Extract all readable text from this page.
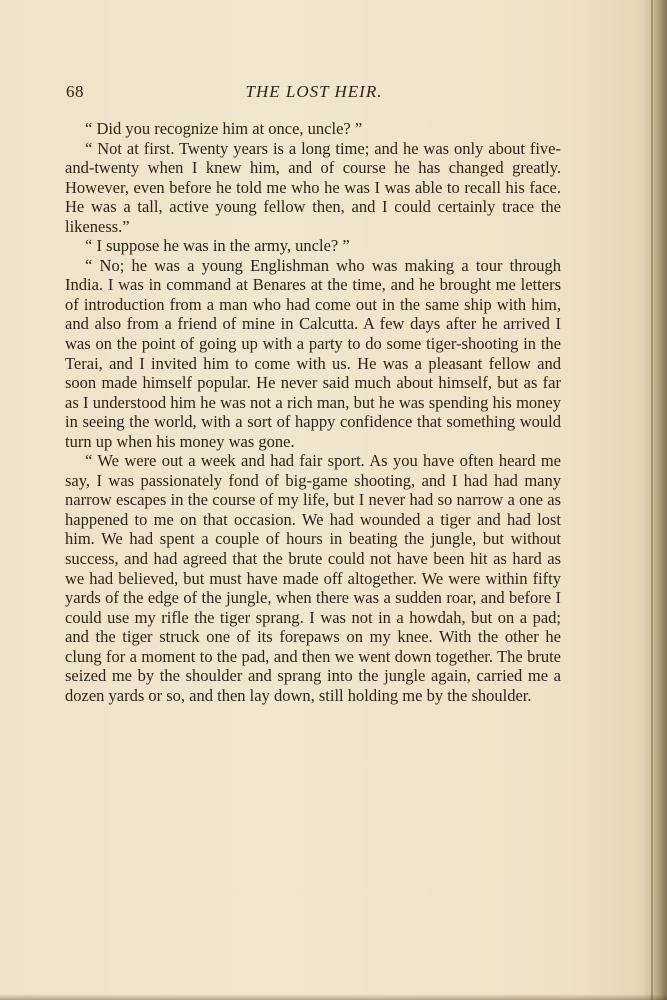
68	THE LOST HEIR.

“ Did you recognize him at once, uncle? ”

“ Not at first. Twenty years is a long time; and he was only about five-and-twenty when I knew him, and of course he has changed greatly. However, even before he told me who he was I was able to recall his face. He was a tall, active young fellow then, and I could certainly trace the likeness.”

“ I suppose he was in the army, uncle? ”

“ No; he was a young Englishman who was making a tour through India. I was in command at Benares at the time, and he brought me letters of introduction from a man who had come out in the same ship with him, and also from a friend of mine in Calcutta. A few days after he arrived I was on the point of going up with a party to do some tiger-shooting in the Terai, and I invited him to come with us. He was a pleasant fellow and soon made himself popular. He never said much about himself, but as far as I understood him he was not a rich man, but he was spending his money in seeing the world, with a sort of happy confidence that something would turn up when his money was gone.

“ We were out a week and had fair sport. As you have often heard me say, I was passionately fond of big-game shooting, and I had had many narrow escapes in the course of my life, but I never had so narrow a one as happened to me on that occasion. We had wounded a tiger and had lost him. We had spent a couple of hours in beating the jungle, but without success, and had agreed that the brute could not have been hit as hard as we had believed, but must have made off altogether. We were within fifty yards of the edge of the jungle, when there was a sudden roar, and before I could use my rifle the tiger sprang. I was not in a howdah, but on a pad; and the tiger struck one of its forepaws on my knee. With the other he clung for a moment to the pad, and then we went down together. The brute seized me by the shoulder and sprang into the jungle again, carried me a dozen yards or so, and then lay down, still holding me by the shoulder.
